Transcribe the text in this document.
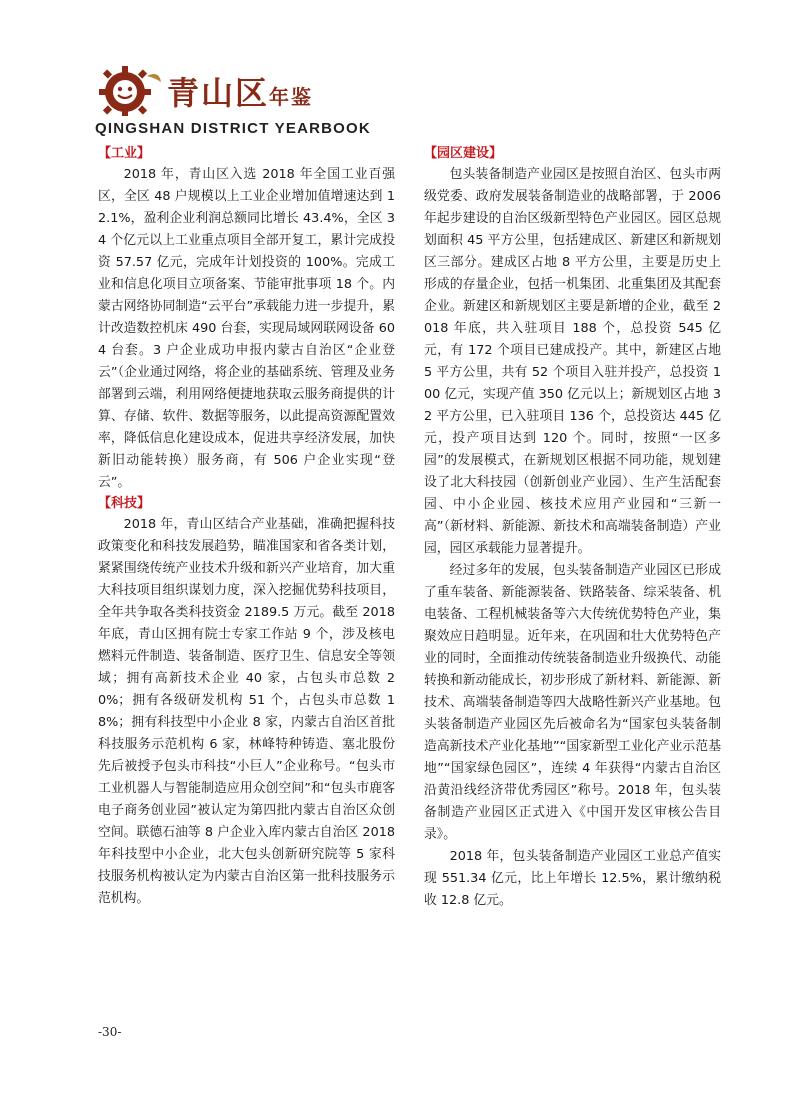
青山区年鉴
QINGSHAN DISTRICT YEARBOOK
【工业】

2018 年，青山区入选 2018 年全国工业百强区，全区 48 户规模以上工业企业增加值增速达到 12.1%，盈利企业利润总额同比增长 43.4%，全区 34 个亿元以上工业重点项目全部开复工，累计完成投资 57.57 亿元，完成年计划投资的 100%。完成工业和信息化项目立项备案、节能审批事项 18 个。内蒙古网络协同制造“云平台”承载能力进一步提升，累计改造数控机床 490 台套，实现局域网联网设备 604 台套。3 户企业成功申报内蒙古自治区“企业登云”（企业通过网络，将企业的基础系统、管理及业务部署到云端，利用网络便捷地获取云服务商提供的计算、存储、软件、数据等服务，以此提高资源配置效率，降低信息化建设成本，促进共享经济发展，加快新旧动能转换）服务商，有 506 户企业实现“登云”。

【科技】

2018 年，青山区结合产业基础，准确把握科技政策变化和科技发展趋势，瞄准国家和省各类计划，紧紧围绕传统产业技术升级和新兴产业培育，加大重大科技项目组织谋划力度，深入挖掘优势科技项目，全年共争取各类科技资金 2189.5 万元。截至 2018 年底，青山区拥有院士专家工作站 9 个，涉及核电燃料元件制造、装备制造、医疗卫生、信息安全等领域；拥有高新技术企业 40 家，占包头市总数 20%；拥有各级研发机构 51 个，占包头市总数 18%；拥有科技型中小企业 8 家，内蒙古自治区首批科技服务示范机构 6 家，林峰特种铸造、塞北股份先后被授予包头市科技“小巨人”企业称号。“包头市工业机器人与智能制造应用众创空间”和“包头市鹿客电子商务创业园”被认定为第四批内蒙古自治区众创空间。联德石油等 8 户企业入库内蒙古自治区 2018 年科技型中小企业，北大包头创新研究院等 5 家科技服务机构被认定为内蒙古自治区第一批科技服务示范机构。

【园区建设】

包头装备制造产业园区是按照自治区、包头市两级党委、政府发展装备制造业的战略部署，于 2006 年起步建设的自治区级新型特色产业园区。园区总规划面积 45 平方公里，包括建成区、新建区和新规划区三部分。建成区占地 8 平方公里，主要是历史上形成的存量企业，包括一机集团、北重集团及其配套企业。新建区和新规划区主要是新增的企业，截至 2018 年底，共入驻项目 188 个，总投资 545 亿元，有 172 个项目已建成投产。其中，新建区占地 5 平方公里，共有 52 个项目入驻并投产，总投资 100 亿元，实现产值 350 亿元以上；新规划区占地 32 平方公里，已入驻项目 136 个，总投资达 445 亿元，投产项目达到 120 个。同时，按照“一区多园”的发展模式，在新规划区根据不同功能，规划建设了北大科技园（创新创业产业园）、生产生活配套园、中小企业园、核技术应用产业园和“三新一高”（新材料、新能源、新技术和高端装备制造）产业园，园区承载能力显著提升。

经过多年的发展，包头装备制造产业园区已形成了重车装备、新能源装备、铁路装备、综采装备、机电装备、工程机械装备等六大传统优势特色产业，集聚效应日趋明显。近年来，在巩固和壮大优势特色产业的同时，全面推动传统装备制造业升级换代、动能转换和新动能成长，初步形成了新材料、新能源、新技术、高端装备制造等四大战略性新兴产业基地。包头装备制造产业园区先后被命名为“国家包头装备制造高新技术产业化基地”“国家新型工业化产业示范基地”“国家绿色园区”，连续 4 年获得“内蒙古自治区沿黄沿线经济带优秀园区”称号。2018 年，包头装备制造产业园区正式进入《中国开发区审核公告目录》。

2018 年，包头装备制造产业园区工业总产值实现 551.34 亿元，比上年增长 12.5%，累计缴纳税收 12.8 亿元。

-30-
